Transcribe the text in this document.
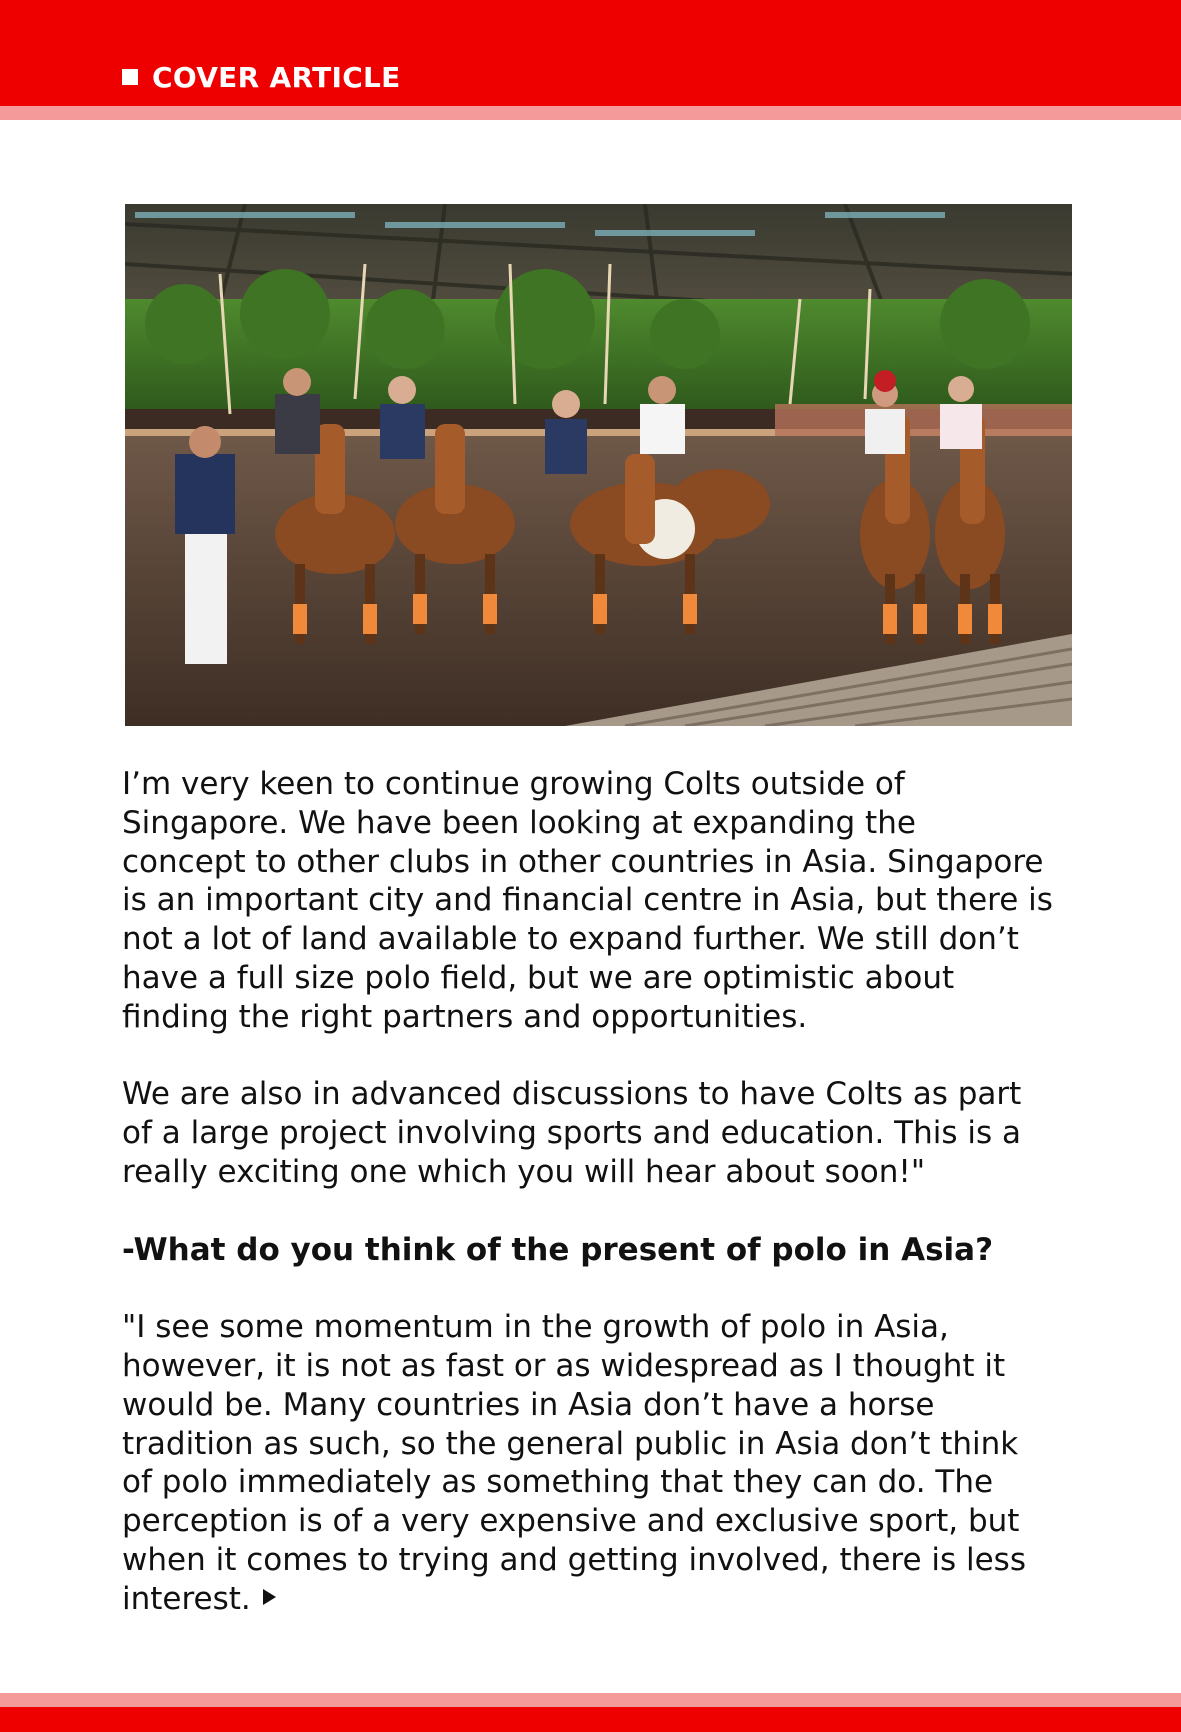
COVER ARTICLE

I’m very keen to continue growing Colts outside of
Singapore. We have been looking at expanding the
concept to other clubs in other countries in Asia. Singapore
is an important city and financial centre in Asia, but there is
not a lot of land available to expand further. We still don’t
have a full size polo field, but we are optimistic about
finding the right partners and opportunities.

We are also in advanced discussions to have Colts as part
of a large project involving sports and education. This is a
really exciting one which you will hear about soon!"

-What do you think of the present of polo in Asia?

"I see some momentum in the growth of polo in Asia,
however, it is not as fast or as widespread as I thought it
would be. Many countries in Asia don’t have a horse
tradition as such, so the general public in Asia don’t think
of polo immediately as something that they can do. The
perception is of a very expensive and exclusive sport, but
when it comes to trying and getting involved, there is less
interest.
